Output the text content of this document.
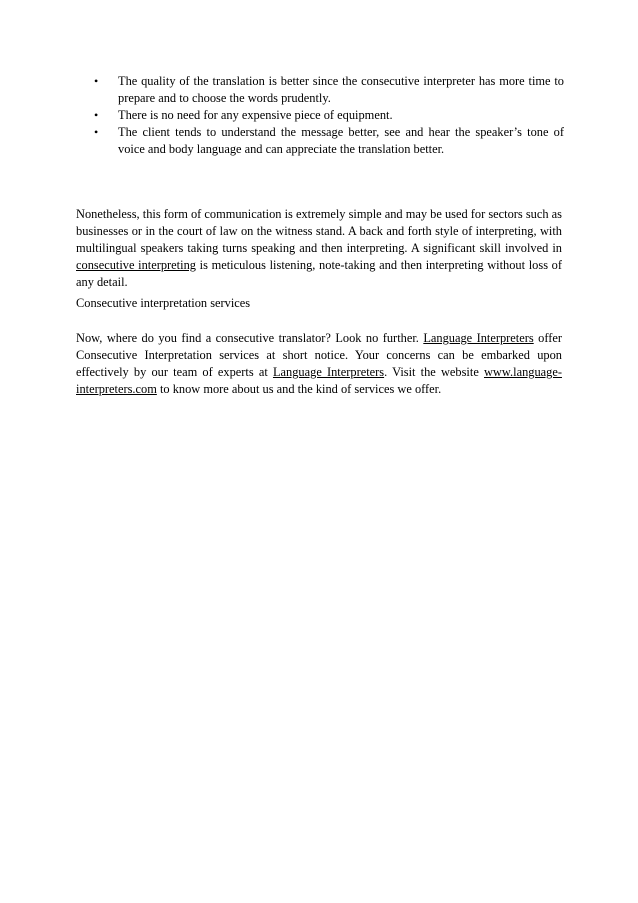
• The quality of the translation is better since the consecutive interpreter has more time to prepare and to choose the words prudently.
• There is no need for any expensive piece of equipment.
• The client tends to understand the message better, see and hear the speaker’s tone of voice and body language and can appreciate the translation better.

Nonetheless, this form of communication is extremely simple and may be used for sectors such as businesses or in the court of law on the witness stand. A back and forth style of interpreting, with multilingual speakers taking turns speaking and then interpreting. A significant skill involved in consecutive interpreting is meticulous listening, note-taking and then interpreting without loss of any detail.

Consecutive interpretation services

Now, where do you find a consecutive translator? Look no further. Language Interpreters offer Consecutive Interpretation services at short notice. Your concerns can be embarked upon effectively by our team of experts at Language Interpreters. Visit the website www.language-interpreters.com to know more about us and the kind of services we offer.
